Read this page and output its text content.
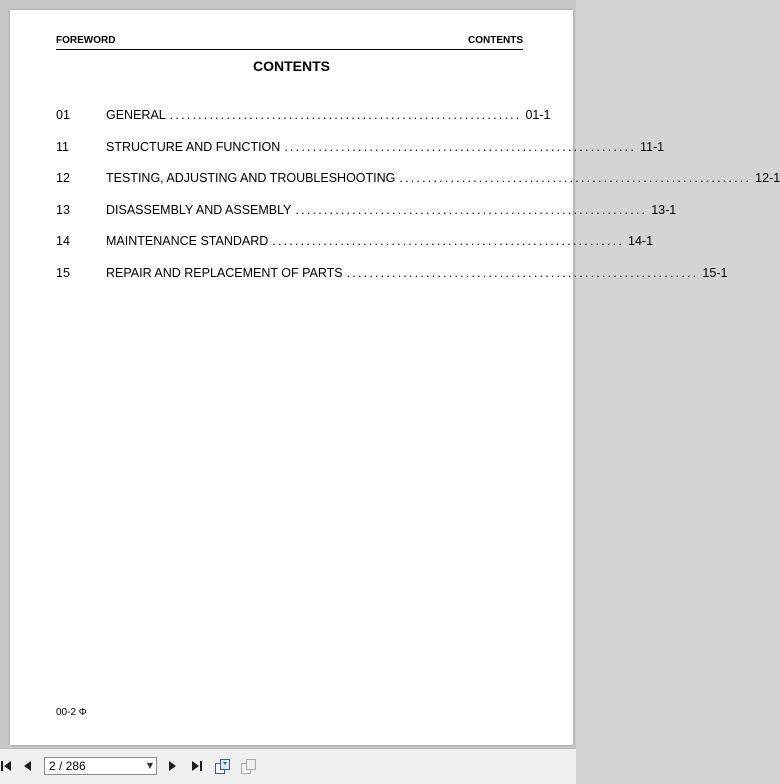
FOREWORD	CONTENTS
CONTENTS
01	GENERAL .............................................................. 01-1
11	STRUCTURE AND FUNCTION .............................................................. 11-1
12	TESTING, ADJUSTING AND TROUBLESHOOTING .............................................................. 12-1
13	DISASSEMBLY AND ASSEMBLY .............................................................. 13-1
14	MAINTENANCE STANDARD .............................................................. 14-1
15	REPAIR AND REPLACEMENT OF PARTS .............................................................. 15-1
00-2 Φ
2 / 286	▼
